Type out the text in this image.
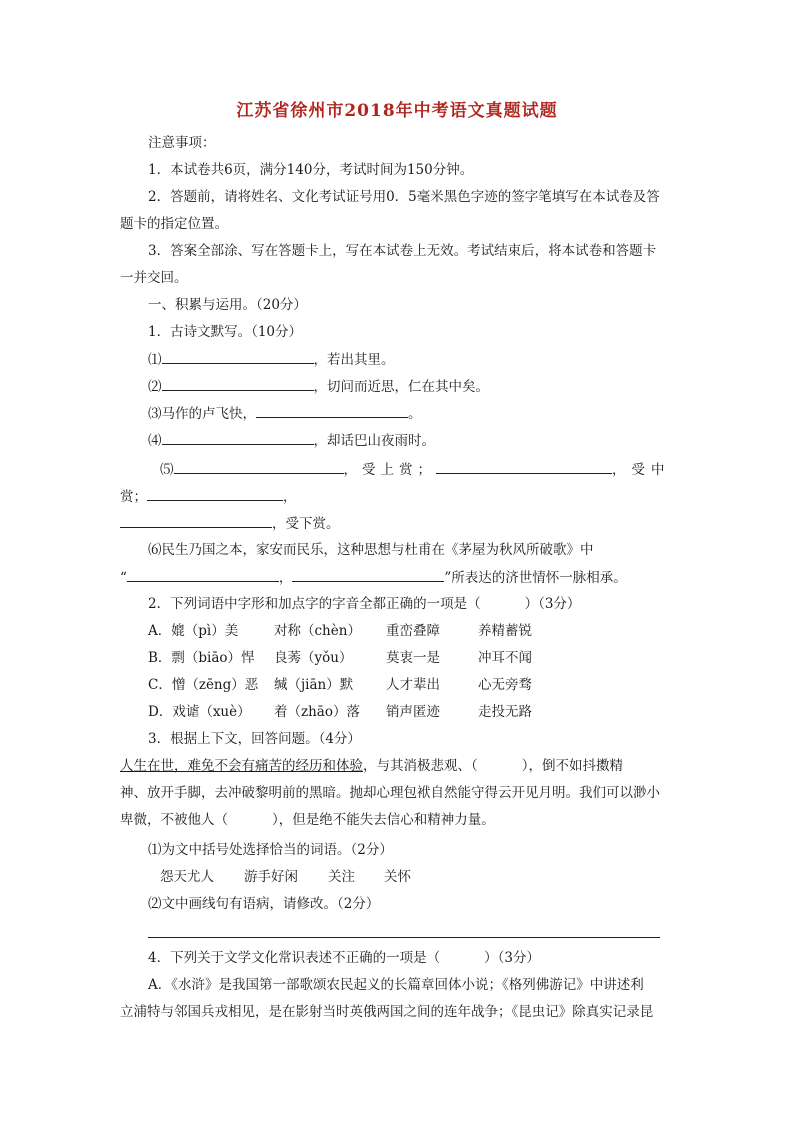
江苏省徐州市2018年中考语文真题试题
注意事项：
1．本试卷共6页，满分140分，考试时间为150分钟。
2．答题前，请将姓名、文化考试证号用0．5毫米黑色字迹的签字笔填写在本试卷及答
题卡的指定位置。
3．答案全部涂、写在答题卡上，写在本试卷上无效。考试结束后，将本试卷和答题卡
一并交回。
一、积累与运用。（20分）
1．古诗文默写。（10分）
⑴	，若出其里。
⑵	，切问而近思，仁在其中矣。
⑶马作的卢飞快，	。
⑷	，却话巴山夜雨时。
⑸	，受上赏；	，受中
赏；	，
，受下赏。
⑹民生乃国之本，家安而民乐，这种思想与杜甫在《茅屋为秋风所破歌》中
“	，	”所表达的济世情怀一脉相承。
2．下列词语中字形和加点字的字音全都正确的一项是（	）（3分）
A．媲（pì）美	对称（chèn） 重峦叠障	养精蓄锐
B．剽（biāo）悍 良莠（yǒu） 莫衷一是	冲耳不闻
C．憎（zēng）恶 缄（jiān）默 人才辈出	心无旁骛
D．戏谑（xuè） 着（zhāo）落 销声匿迹	走投无路
3．根据上下文，回答问题。（4分）
人生在世，难免不会有痛苦的经历和体验，与其消极悲观、（	），倒不如抖擞精
神、放开手脚，去冲破黎明前的黑暗。抛却心理包袱自然能守得云开见月明。我们可以渺小
卑微，不被他人（	），但是绝不能失去信心和精神力量。
⑴为文中括号处选择恰当的词语。（2分）
怨天尤人 游手好闲 关注 关怀
⑵文中画线句有语病，请修改。（2分）
4．下列关于文学文化常识表述不正确的一项是（	）（3分）
A．《水浒》是我国第一部歌颂农民起义的长篇章回体小说；《格列佛游记》中讲述利
立浦特与邻国兵戎相见，是在影射当时英俄两国之间的连年战争；《昆虫记》除真实记录昆
